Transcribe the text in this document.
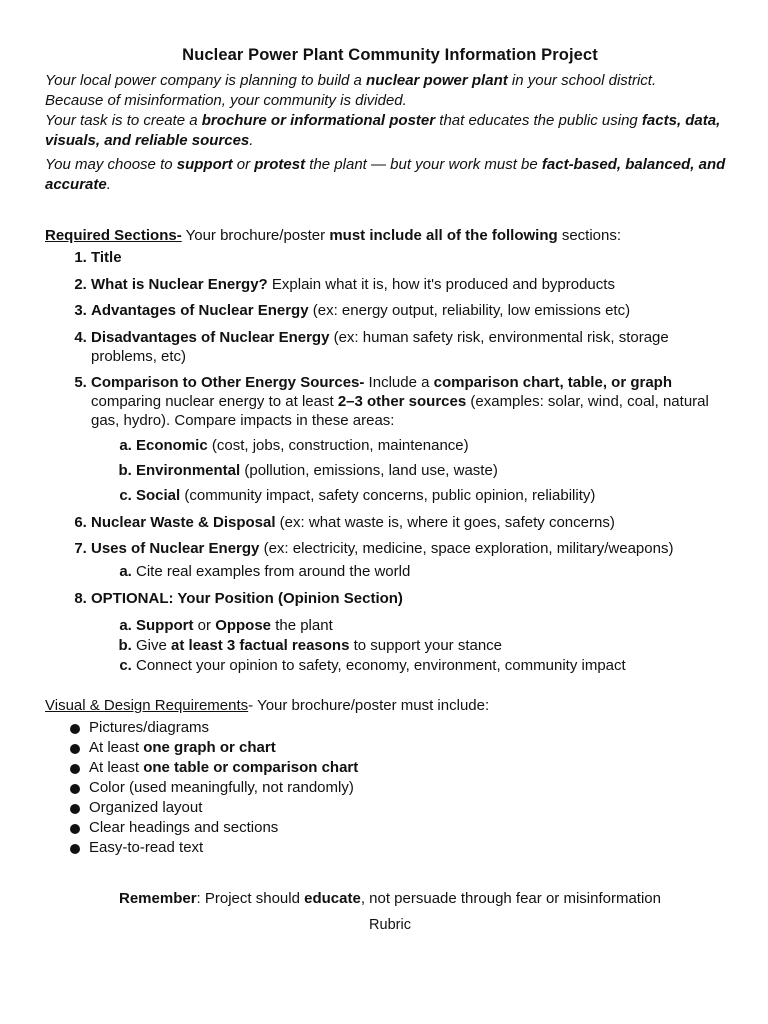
Nuclear Power Plant Community Information Project

Your local power company is planning to build a nuclear power plant in your school district.

Because of misinformation, your community is divided.

Your task is to create a brochure or informational poster that educates the public using facts, data, visuals, and reliable sources.

You may choose to support or protest the plant — but your work must be fact-based, balanced, and accurate.

Required Sections- Your brochure/poster must include all of the following sections:
1. Title
2. What is Nuclear Energy? Explain what it is, how it's produced and byproducts
3. Advantages of Nuclear Energy (ex: energy output, reliability, low emissions etc)
4. Disadvantages of Nuclear Energy (ex: human safety risk, environmental risk, storage problems, etc)
5. Comparison to Other Energy Sources- Include a comparison chart, table, or graph comparing nuclear energy to at least 2–3 other sources (examples: solar, wind, coal, natural gas, hydro). Compare impacts in these areas:
a. Economic (cost, jobs, construction, maintenance)
b. Environmental (pollution, emissions, land use, waste)
c. Social (community impact, safety concerns, public opinion, reliability)
6. Nuclear Waste & Disposal (ex: what waste is, where it goes, safety concerns)
7. Uses of Nuclear Energy (ex: electricity, medicine, space exploration, military/weapons)
a. Cite real examples from around the world
8. OPTIONAL: Your Position (Opinion Section)
a. Support or Oppose the plant
b. Give at least 3 factual reasons to support your stance
c. Connect your opinion to safety, economy, environment, community impact
Visual & Design Requirements- Your brochure/poster must include:
Pictures/diagrams
At least one graph or chart
At least one table or comparison chart
Color (used meaningfully, not randomly)
Organized layout
Clear headings and sections
Easy-to-read text
Remember: Project should educate, not persuade through fear or misinformation
Rubric
